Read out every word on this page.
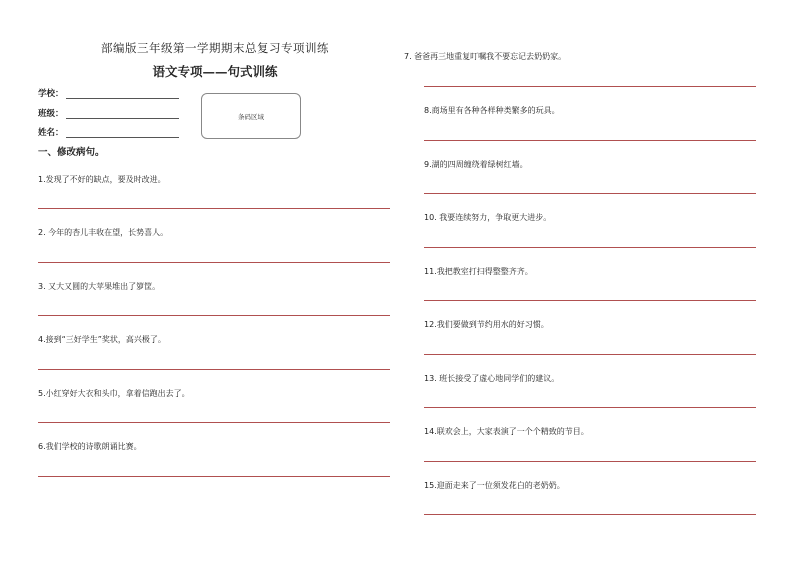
部编版三年级第一学期期末总复习专项训练
语文专项——句式训练
学校：
班级：
姓名：
条码区域
一、修改病句。
1.发现了不好的缺点，要及时改进。
2. 今年的杏儿丰收在望，长势喜人。
3. 又大又圆的大苹果堆出了箩筐。
4.接到“三好学生”奖状，高兴极了。
5.小红穿好大衣和头巾，拿着信跑出去了。
6.我们学校的诗歌朗诵比赛。
7. 爸爸再三地重复叮嘱我不要忘记去奶奶家。
8.商场里有各种各样种类繁多的玩具。
9.湖的四周缠绕着绿树红墙。
10. 我要连续努力，争取更大进步。
11.我把教室打扫得整整齐齐。
12.我们要做到节约用水的好习惯。
13. 班长接受了虚心地同学们的建议。
14.联欢会上，大家表演了一个个精致的节目。
15.迎面走来了一位须发花白的老奶奶。
